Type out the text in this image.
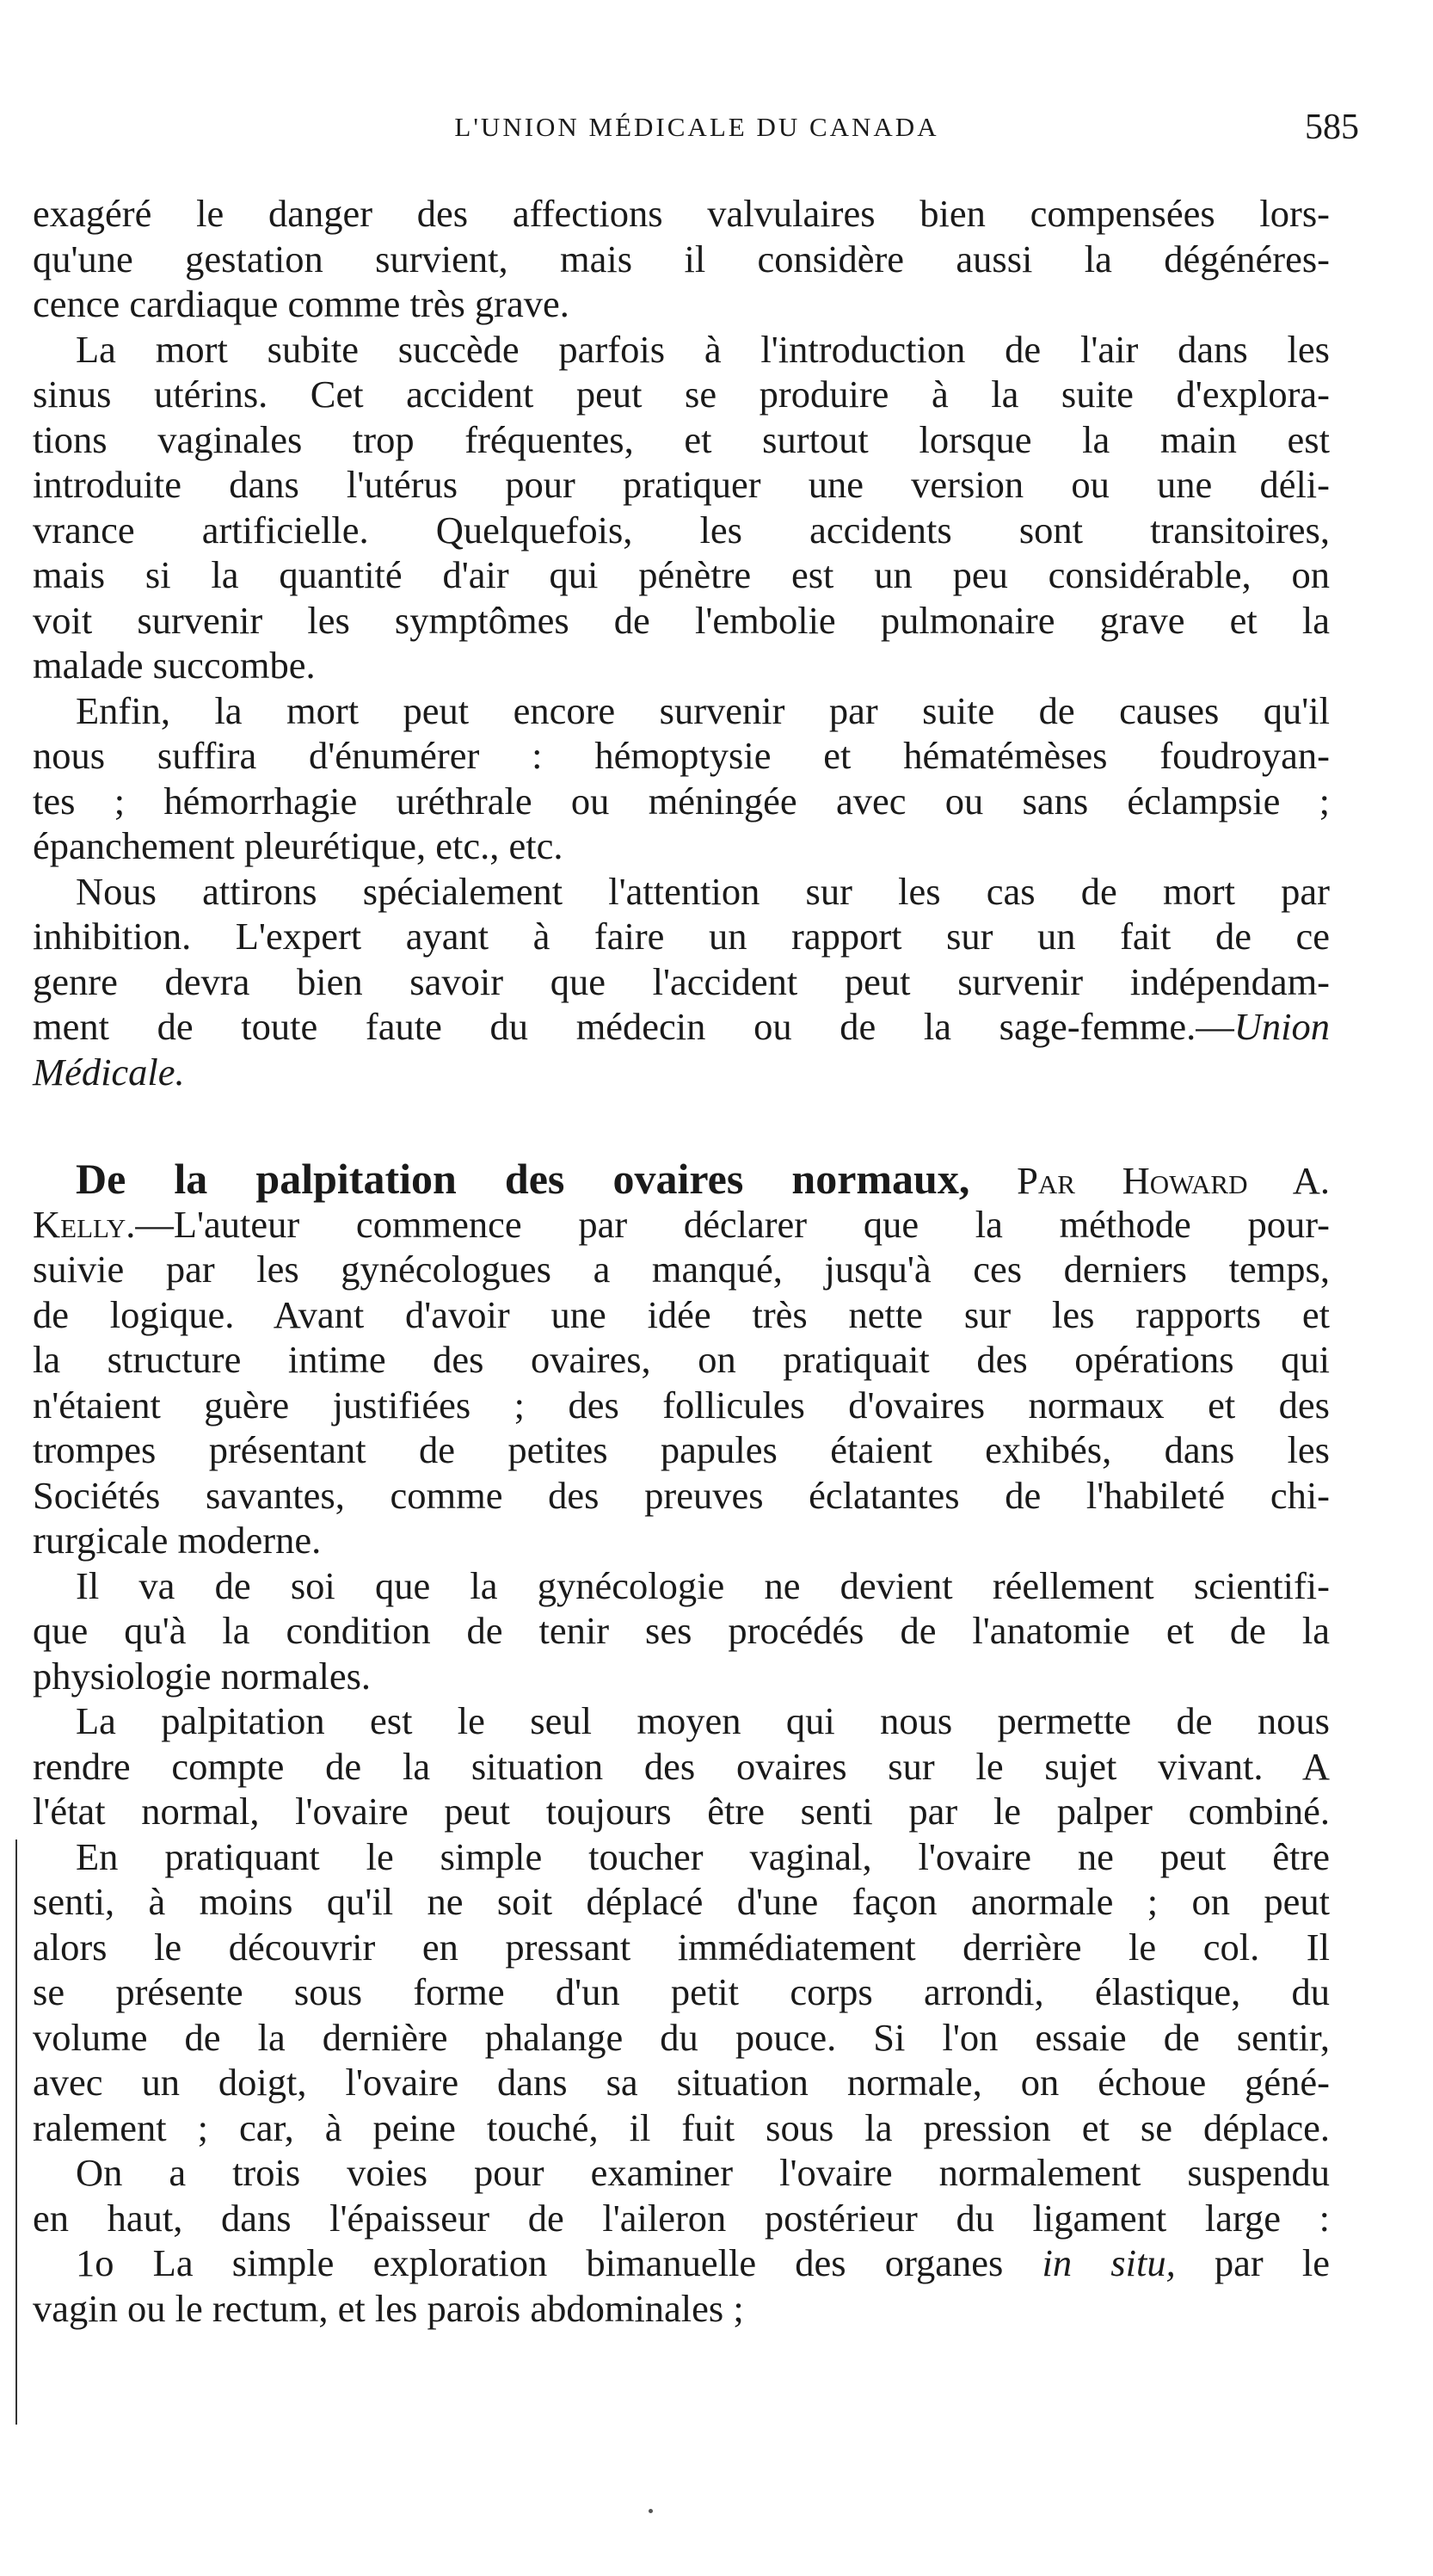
L'UNION MÉDICALE DU CANADA	585
exagéré le danger des affections valvulaires bien compensées lors-
qu'une gestation survient, mais il considère aussi la dégénéres-
cence cardiaque comme très grave.
La mort subite succède parfois à l'introduction de l'air dans les
sinus utérins. Cet accident peut se produire à la suite d'explora-
tions vaginales trop fréquentes, et surtout lorsque la main est
introduite dans l'utérus pour pratiquer une version ou une déli-
vrance artificielle. Quelquefois, les accidents sont transitoires,
mais si la quantité d'air qui pénètre est un peu considérable, on
voit survenir les symptômes de l'embolie pulmonaire grave et la
malade succombe.
Enfin, la mort peut encore survenir par suite de causes qu'il
nous suffira d'énumérer : hémoptysie et hématémèses foudroyan-
tes ; hémorrhagie uréthrale ou méningée avec ou sans éclampsie ;
épanchement pleurétique, etc., etc.
Nous attirons spécialement l'attention sur les cas de mort par
inhibition. L'expert ayant à faire un rapport sur un fait de ce
genre devra bien savoir que l'accident peut survenir indépendam-
ment de toute faute du médecin ou de la sage-femme.—Union
Médicale.
De la palpitation des ovaires normaux, Par Howard A.
Kelly.—L'auteur commence par déclarer que la méthode pour-
suivie par les gynécologues a manqué, jusqu'à ces derniers temps,
de logique. Avant d'avoir une idée très nette sur les rapports et
la structure intime des ovaires, on pratiquait des opérations qui
n'étaient guère justifiées ; des follicules d'ovaires normaux et des
trompes présentant de petites papules étaient exhibés, dans les
Sociétés savantes, comme des preuves éclatantes de l'habileté chi-
rurgicale moderne.
Il va de soi que la gynécologie ne devient réellement scientifi-
que qu'à la condition de tenir ses procédés de l'anatomie et de la
physiologie normales.
La palpitation est le seul moyen qui nous permette de nous
rendre compte de la situation des ovaires sur le sujet vivant. A
l'état normal, l'ovaire peut toujours être senti par le palper combiné.
En pratiquant le simple toucher vaginal, l'ovaire ne peut être
senti, à moins qu'il ne soit déplacé d'une façon anormale ; on peut
alors le découvrir en pressant immédiatement derrière le col. Il
se présente sous forme d'un petit corps arrondi, élastique, du
volume de la dernière phalange du pouce. Si l'on essaie de sentir,
avec un doigt, l'ovaire dans sa situation normale, on échoue géné-
ralement ; car, à peine touché, il fuit sous la pression et se déplace.
On a trois voies pour examiner l'ovaire normalement suspendu
en haut, dans l'épaisseur de l'aileron postérieur du ligament large :
1o La simple exploration bimanuelle des organes in situ, par le
vagin ou le rectum, et les parois abdominales ;
